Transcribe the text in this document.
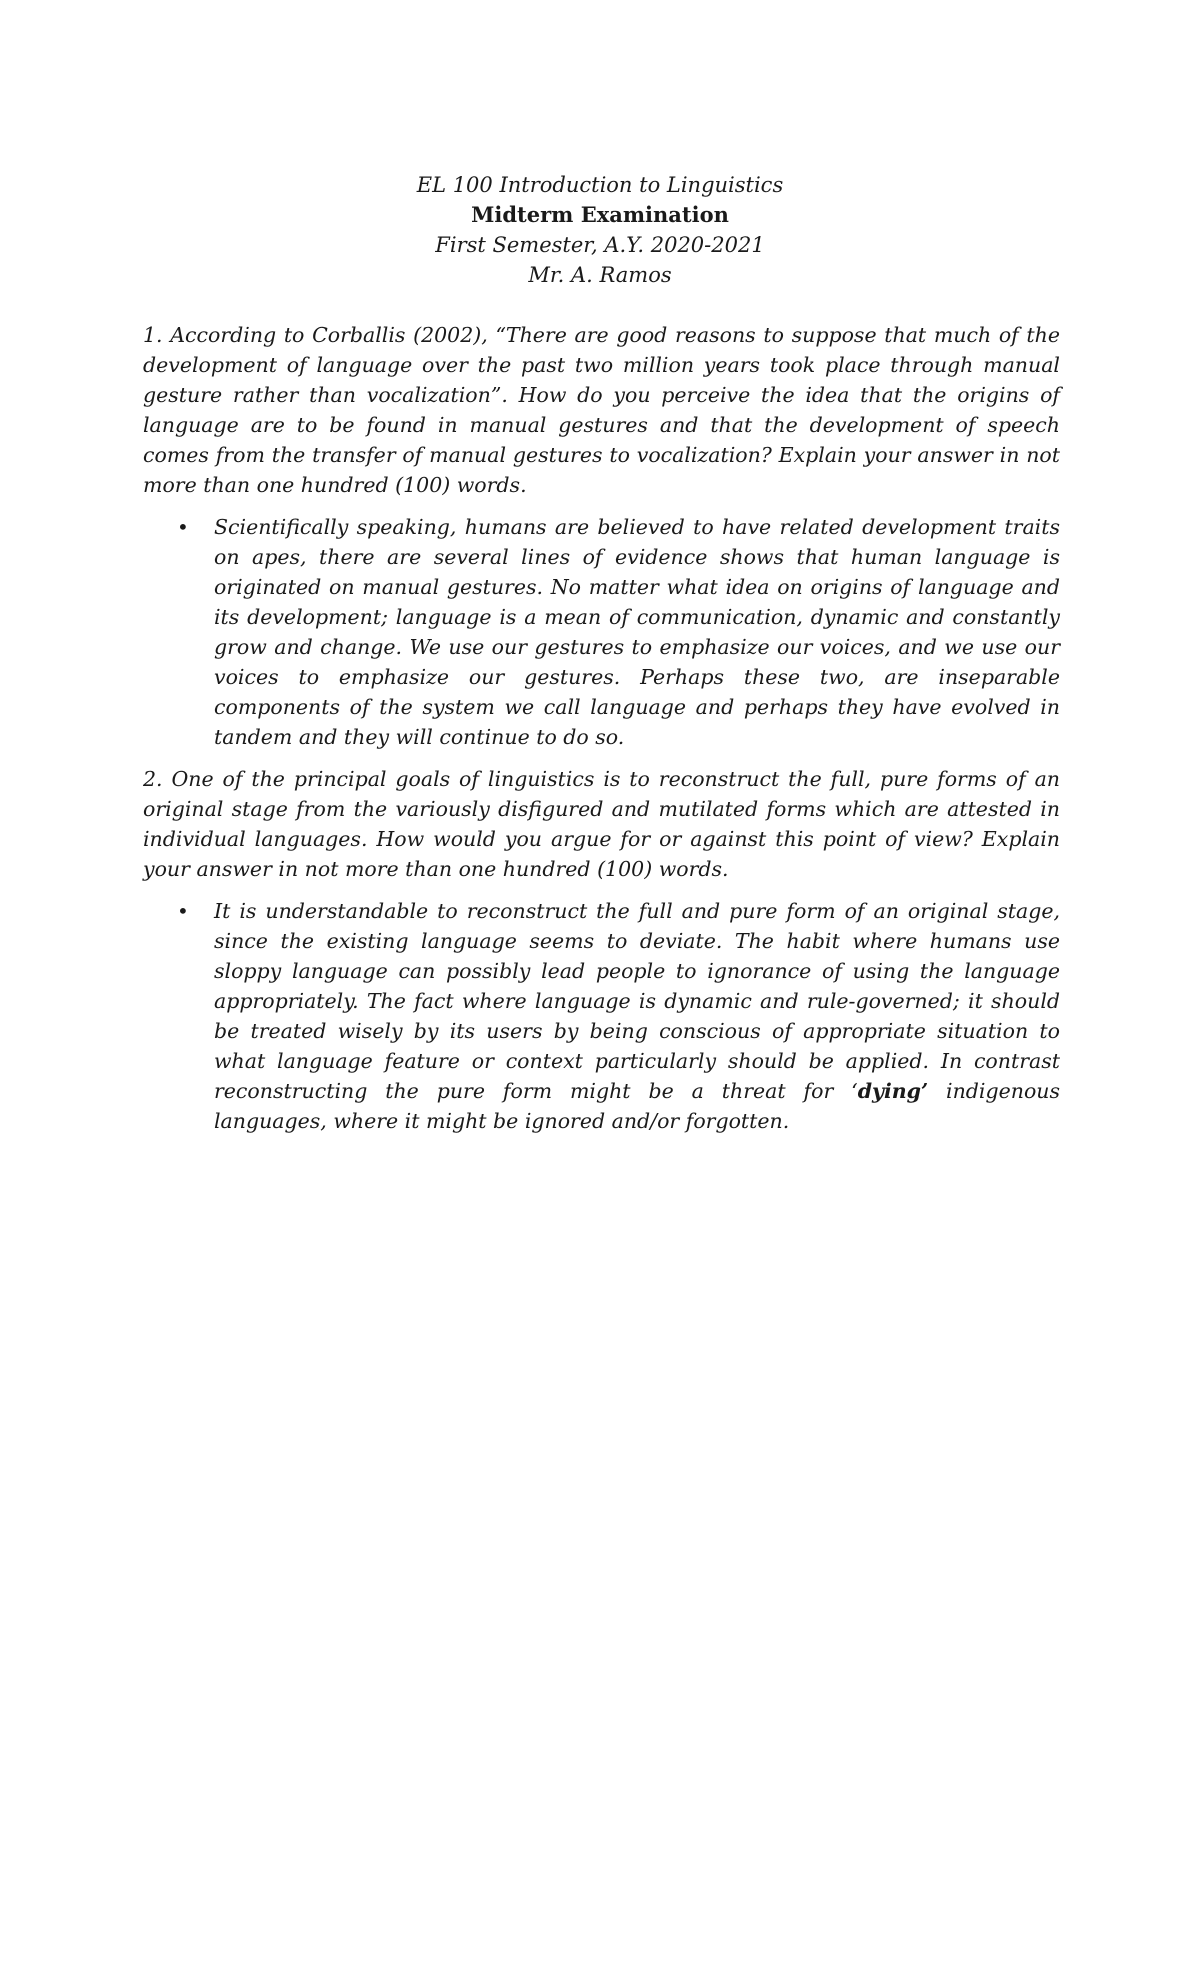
EL 100 Introduction to Linguistics
Midterm Examination
First Semester, A.Y. 2020-2021
Mr. A. Ramos

1. According to Corballis (2002), “There are good reasons to suppose that much of the development of language over the past two million years took place through manual gesture rather than vocalization”. How do you perceive the idea that the origins of language are to be found in manual gestures and that the development of speech comes from the transfer of manual gestures to vocalization? Explain your answer in not more than one hundred (100) words.

• Scientifically speaking, humans are believed to have related development traits on apes, there are several lines of evidence shows that human language is originated on manual gestures. No matter what idea on origins of language and its development; language is a mean of communication, dynamic and constantly grow and change. We use our gestures to emphasize our voices, and we use our voices to emphasize our gestures. Perhaps these two, are inseparable components of the system we call language and perhaps they have evolved in tandem and they will continue to do so.

2. One of the principal goals of linguistics is to reconstruct the full, pure forms of an original stage from the variously disfigured and mutilated forms which are attested in individual languages. How would you argue for or against this point of view? Explain your answer in not more than one hundred (100) words.

• It is understandable to reconstruct the full and pure form of an original stage, since the existing language seems to deviate. The habit where humans use sloppy language can possibly lead people to ignorance of using the language appropriately. The fact where language is dynamic and rule-governed; it should be treated wisely by its users by being conscious of appropriate situation to what language feature or context particularly should be applied. In contrast reconstructing the pure form might be a threat for ‘dying’ indigenous languages, where it might be ignored and/or forgotten.
